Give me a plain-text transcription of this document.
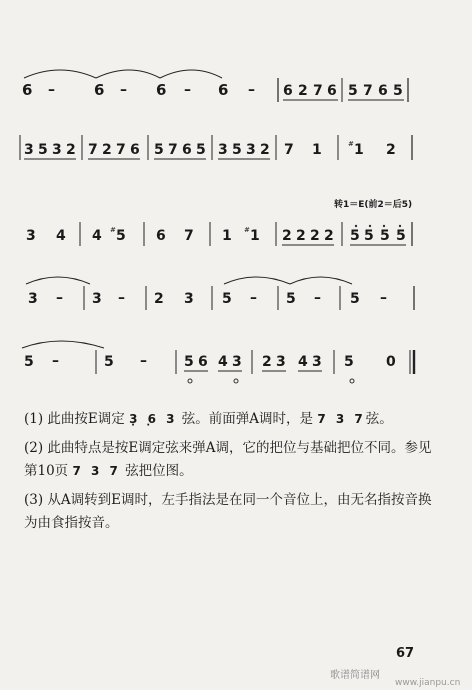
6 –	6 – 6 – 6 – 6 2 7 6 5 7 6 5
3 5 3 2 7 2 7 6 5 7 6 5 3 5 3 2 7 1	# 1 2
转1＝E(前2＝后5)
3 4 4 # 5 6 7 1 # 1 2 2 2 2 5 5 5 5
3 – 3 – 2 3 5 – 5 – 5 –
5 –	5 –	5 6 4 3 2 3 4 3 5 0

(1) 此曲按E调定 3 6 3 · · 弦。前面弹A调时，是 7 3 7弦。

(2) 此曲特点是按E调定弦来弹A调，它的把位与基础把位不同。参见第10页 7 3 7 弦把位图。

(3) 从A调转到E调时，左手指法是在同一个音位上，由无名指按音换为由食指按音。

67
歌谱简谱网
www.jianpu.cn
